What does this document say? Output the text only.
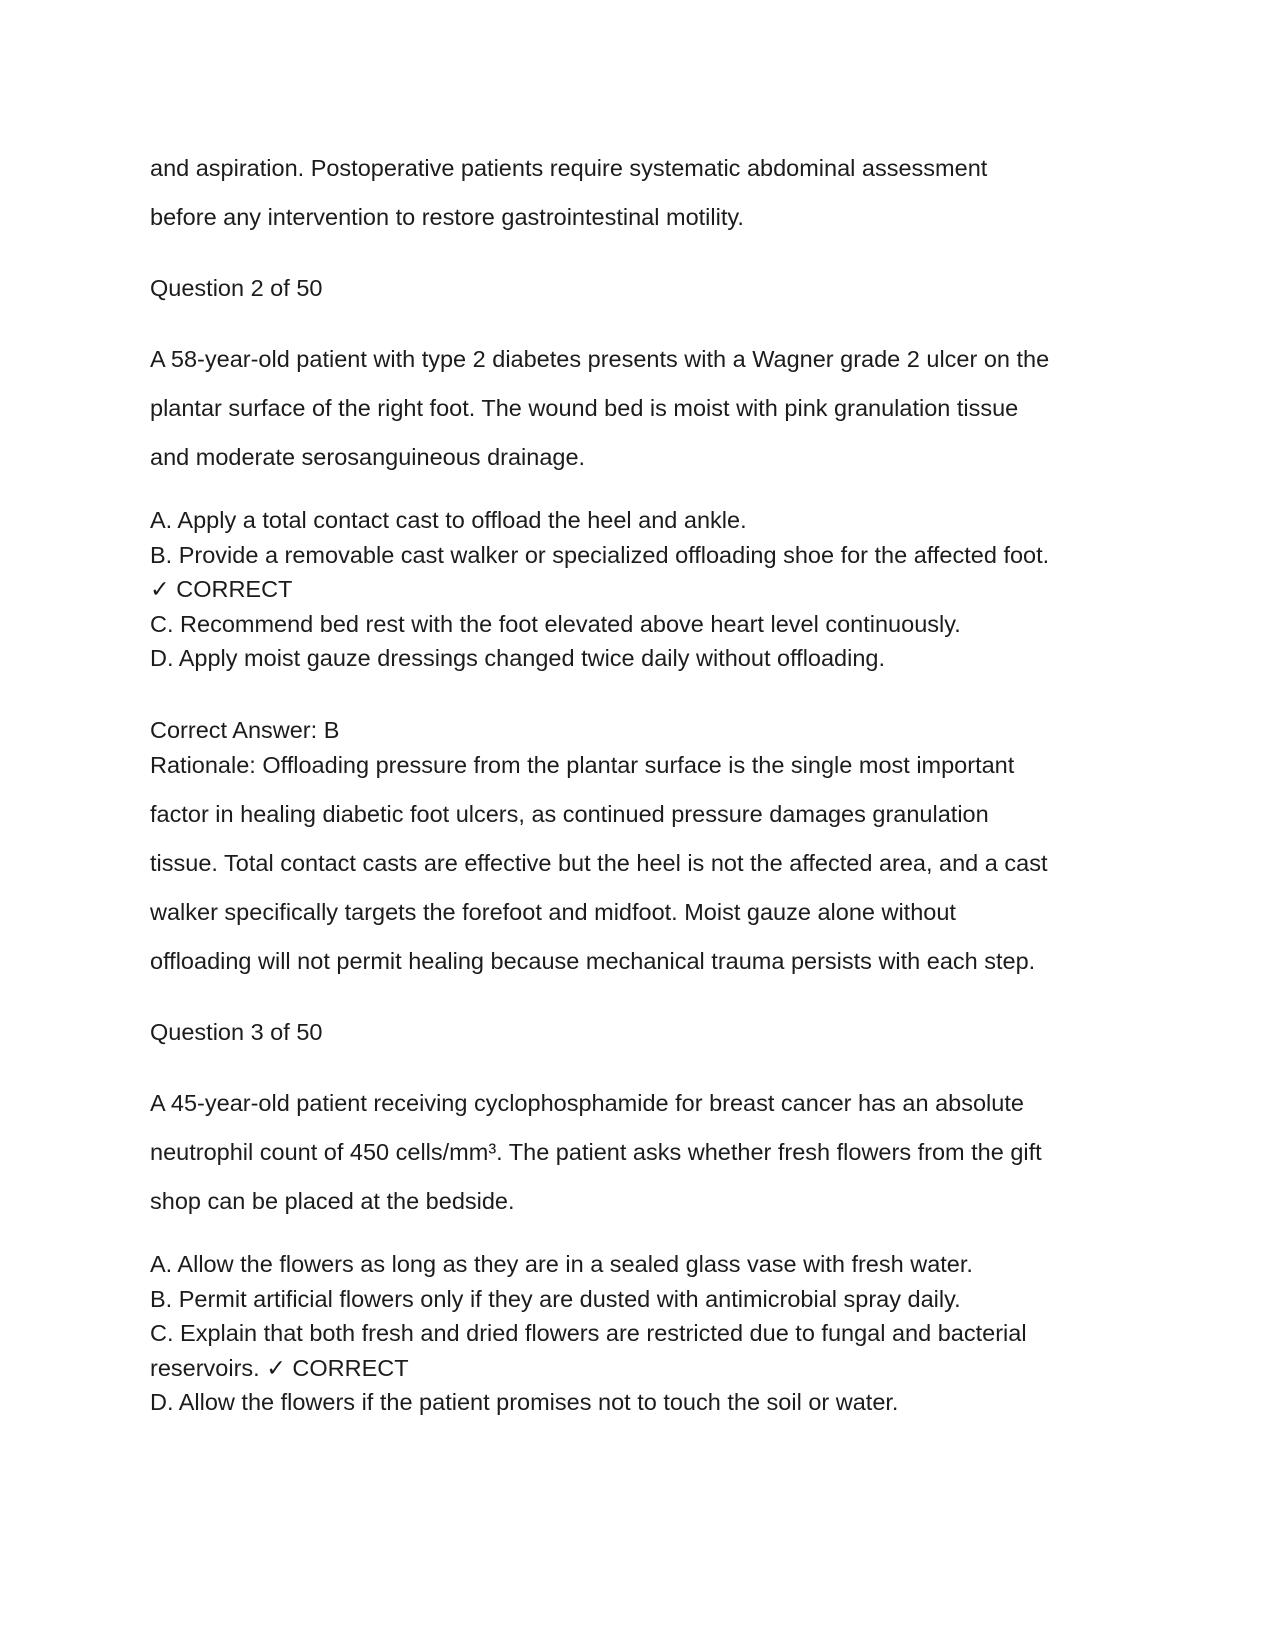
and aspiration. Postoperative patients require systematic abdominal assessment
before any intervention to restore gastrointestinal motility.
Question 2 of 50
A 58-year-old patient with type 2 diabetes presents with a Wagner grade 2 ulcer on the
plantar surface of the right foot. The wound bed is moist with pink granulation tissue
and moderate serosanguineous drainage.
A. Apply a total contact cast to offload the heel and ankle.
B. Provide a removable cast walker or specialized offloading shoe for the affected foot.
✓ CORRECT
C. Recommend bed rest with the foot elevated above heart level continuously.
D. Apply moist gauze dressings changed twice daily without offloading.
Correct Answer: B
Rationale: Offloading pressure from the plantar surface is the single most important
factor in healing diabetic foot ulcers, as continued pressure damages granulation
tissue. Total contact casts are effective but the heel is not the affected area, and a cast
walker specifically targets the forefoot and midfoot. Moist gauze alone without
offloading will not permit healing because mechanical trauma persists with each step.
Question 3 of 50
A 45-year-old patient receiving cyclophosphamide for breast cancer has an absolute
neutrophil count of 450 cells/mm³. The patient asks whether fresh flowers from the gift
shop can be placed at the bedside.
A. Allow the flowers as long as they are in a sealed glass vase with fresh water.
B. Permit artificial flowers only if they are dusted with antimicrobial spray daily.
C. Explain that both fresh and dried flowers are restricted due to fungal and bacterial
reservoirs. ✓ CORRECT
D. Allow the flowers if the patient promises not to touch the soil or water.
